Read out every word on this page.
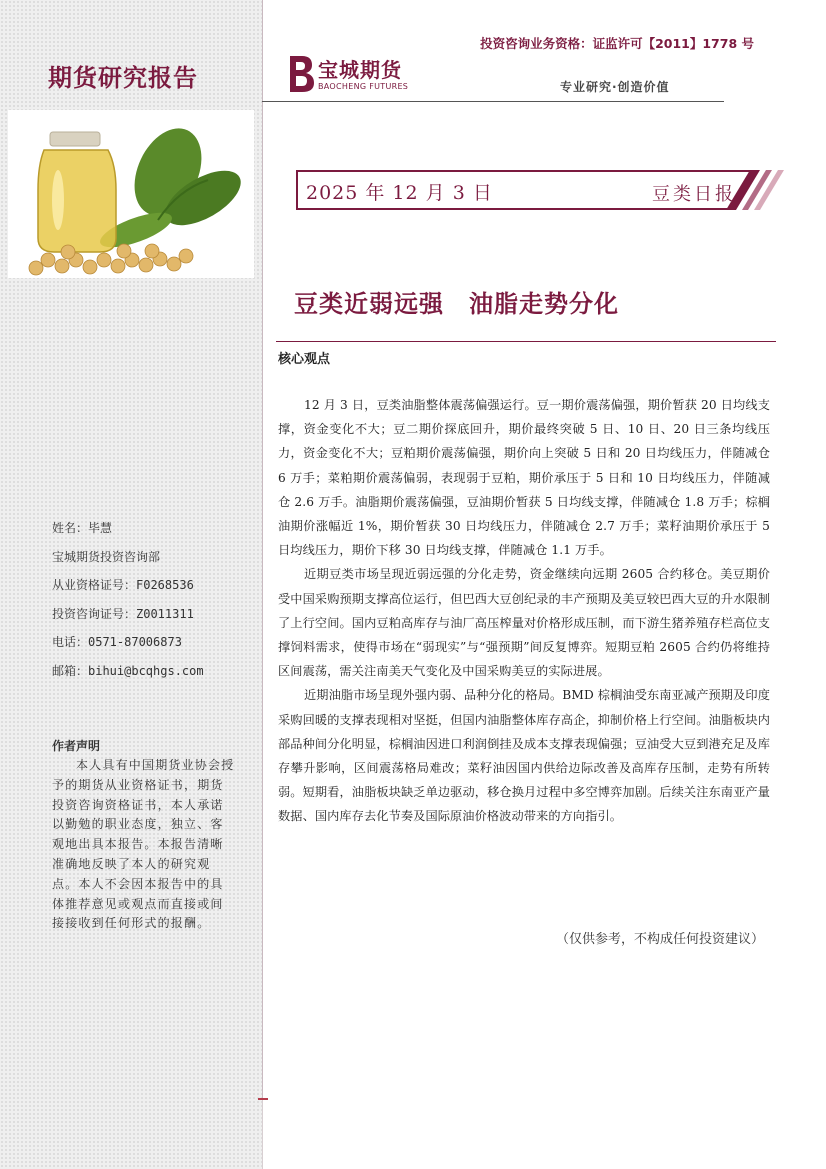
期货研究报告
姓名：毕慧
宝城期货投资咨询部
从业资格证号：F0268536
投资咨询证号：Z0011311
电话：0571-87006873
邮箱：bihui@bcqhgs.com
作者声明
本人具有中国期货业协会授予的期货从业资格证书，期货投资咨询资格证书，本人承诺以勤勉的职业态度，独立、客观地出具本报告。本报告清晰准确地反映了本人的研究观点。本人不会因本报告中的具体推荐意见或观点而直接或间接接收到任何形式的报酬。
投资咨询业务资格：证监许可【2011】1778 号
宝城期货
BAOCHENG FUTURES	专业研究·创造价值
2025 年 12 月 3 日	豆类日报
豆类近弱远强　油脂走势分化
核心观点

12 月 3 日，豆类油脂整体震荡偏强运行。豆一期价震荡偏强，期价暂获 20 日均线支撑，资金变化不大；豆二期价探底回升，期价最终突破 5 日、10 日、20 日三条均线压力，资金变化不大；豆粕期价震荡偏强，期价向上突破 5 日和 20 日均线压力，伴随减仓 6 万手；菜粕期价震荡偏弱，表现弱于豆粕，期价承压于 5 日和 10 日均线压力，伴随减仓 2.6 万手。油脂期价震荡偏强，豆油期价暂获 5 日均线支撑，伴随减仓 1.8 万手；棕榈油期价涨幅近 1%，期价暂获 30 日均线压力，伴随减仓 2.7 万手；菜籽油期价承压于 5 日均线压力，期价下移 30 日均线支撑，伴随减仓 1.1 万手。

近期豆类市场呈现近弱远强的分化走势，资金继续向远期 2605 合约移仓。美豆期价受中国采购预期支撑高位运行，但巴西大豆创纪录的丰产预期及美豆较巴西大豆的升水限制了上行空间。国内豆粕高库存与油厂高压榨量对价格形成压制，而下游生猪养殖存栏高位支撑饲料需求，使得市场在“弱现实”与“强预期”间反复博弈。短期豆粕 2605 合约仍将维持区间震荡，需关注南美天气变化及中国采购美豆的实际进展。

近期油脂市场呈现外强内弱、品种分化的格局。BMD 棕榈油受东南亚减产预期及印度采购回暖的支撑表现相对坚挺，但国内油脂整体库存高企，抑制价格上行空间。油脂板块内部品种间分化明显，棕榈油因进口利润倒挂及成本支撑表现偏强；豆油受大豆到港充足及库存攀升影响，区间震荡格局难改；菜籽油因国内供给边际改善及高库存压制，走势有所转弱。短期看，油脂板块缺乏单边驱动，移仓换月过程中多空博弈加剧。后续关注东南亚产量数据、国内库存去化节奏及国际原油价格波动带来的方向指引。

（仅供参考，不构成任何投资建议）
